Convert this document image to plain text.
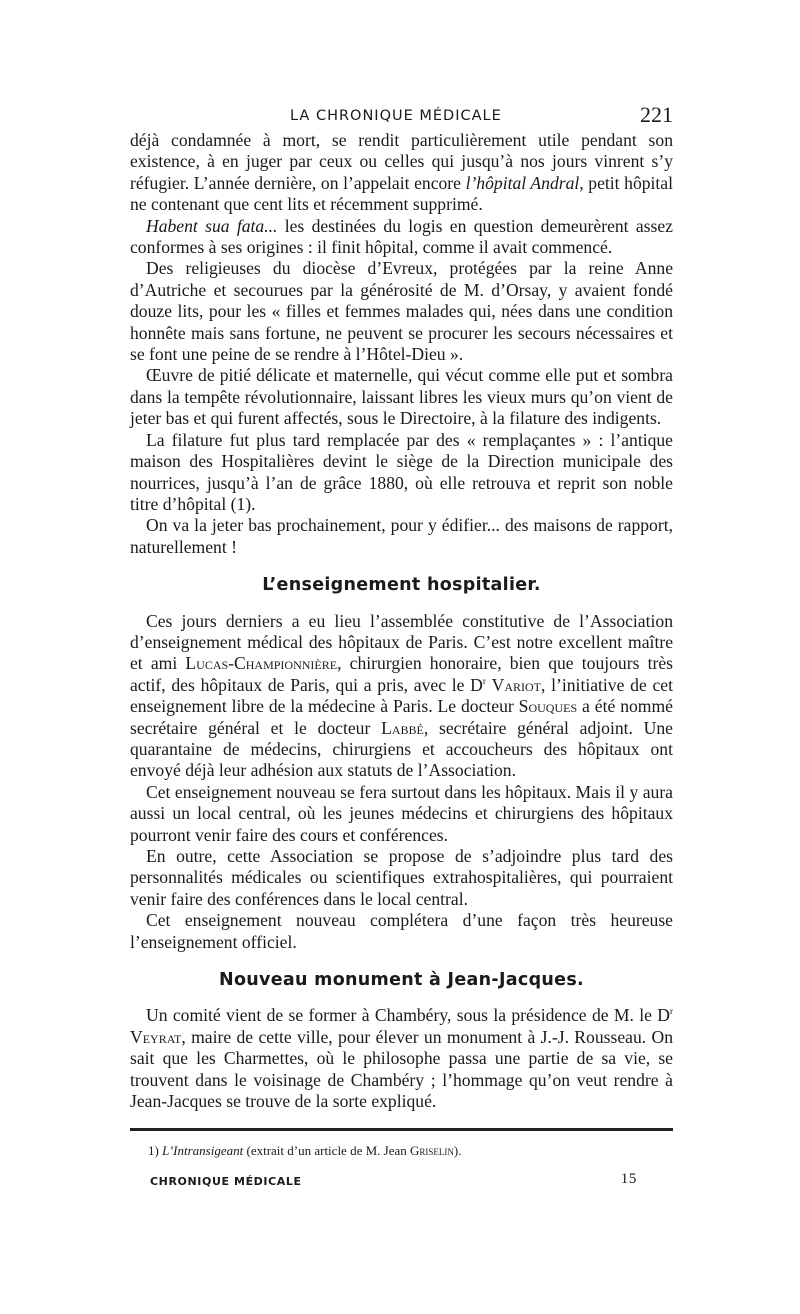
LA CHRONIQUE MÉDICALE	221

déjà condamnée à mort, se rendit particulièrement utile pendant son existence, à en juger par ceux ou celles qui jusqu’à nos jours vinrent s’y réfugier. L’année dernière, on l’appelait encore l’hôpital Andral, petit hôpital ne contenant que cent lits et récemment supprimé.

Habent sua fata... les destinées du logis en question demeurèrent assez conformes à ses origines : il finit hôpital, comme il avait commencé.

Des religieuses du diocèse d’Evreux, protégées par la reine Anne d’Autriche et secourues par la générosité de M. d’Orsay, y avaient fondé douze lits, pour les « filles et femmes malades qui, nées dans une condition honnête mais sans fortune, ne peuvent se procurer les secours nécessaires et se font une peine de se rendre à l’Hôtel-Dieu ».

Œuvre de pitié délicate et maternelle, qui vécut comme elle put et sombra dans la tempête révolutionnaire, laissant libres les vieux murs qu’on vient de jeter bas et qui furent affectés, sous le Directoire, à la filature des indigents.

La filature fut plus tard remplacée par des « remplaçantes » : l’antique maison des Hospitalières devint le siège de la Direction municipale des nourrices, jusqu’à l’an de grâce 1880, où elle retrouva et reprit son noble titre d’hôpital (1).

On va la jeter bas prochainement, pour y édifier... des maisons de rapport, naturellement !

L’enseignement hospitalier.

Ces jours derniers a eu lieu l’assemblée constitutive de l’Association d’enseignement médical des hôpitaux de Paris. C’est notre excellent maître et ami Lucas-Championnière, chirurgien honoraire, bien que toujours très actif, des hôpitaux de Paris, qui a pris, avec le $D^r$ Variot, l’initiative de cet enseignement libre de la médecine à Paris. Le docteur Souques a été nommé secrétaire général et le docteur Labbé, secrétaire général adjoint. Une quarantaine de médecins, chirurgiens et accoucheurs des hôpitaux ont envoyé déjà leur adhésion aux statuts de l’Association.

Cet enseignement nouveau se fera surtout dans les hôpitaux. Mais il y aura aussi un local central, où les jeunes médecins et chirurgiens des hôpitaux pourront venir faire des cours et conférences.

En outre, cette Association se propose de s’adjoindre plus tard des personnalités médicales ou scientifiques extrahospitalières, qui pourraient venir faire des conférences dans le local central.

Cet enseignement nouveau complétera d’une façon très heureuse l’enseignement officiel.

Nouveau monument à Jean-Jacques.

Un comité vient de se former à Chambéry, sous la présidence de M. le $D^r$ Veyrat, maire de cette ville, pour élever un monument à J.-J. Rousseau. On sait que les Charmettes, où le philosophe passa une partie de sa vie, se trouvent dans le voisinage de Chambéry ; l’hommage qu’on veut rendre à Jean-Jacques se trouve de la sorte expliqué.

1) L’Intransigeant (extrait d’un article de M. Jean Griselin).
CHRONIQUE MÉDICALE	15
